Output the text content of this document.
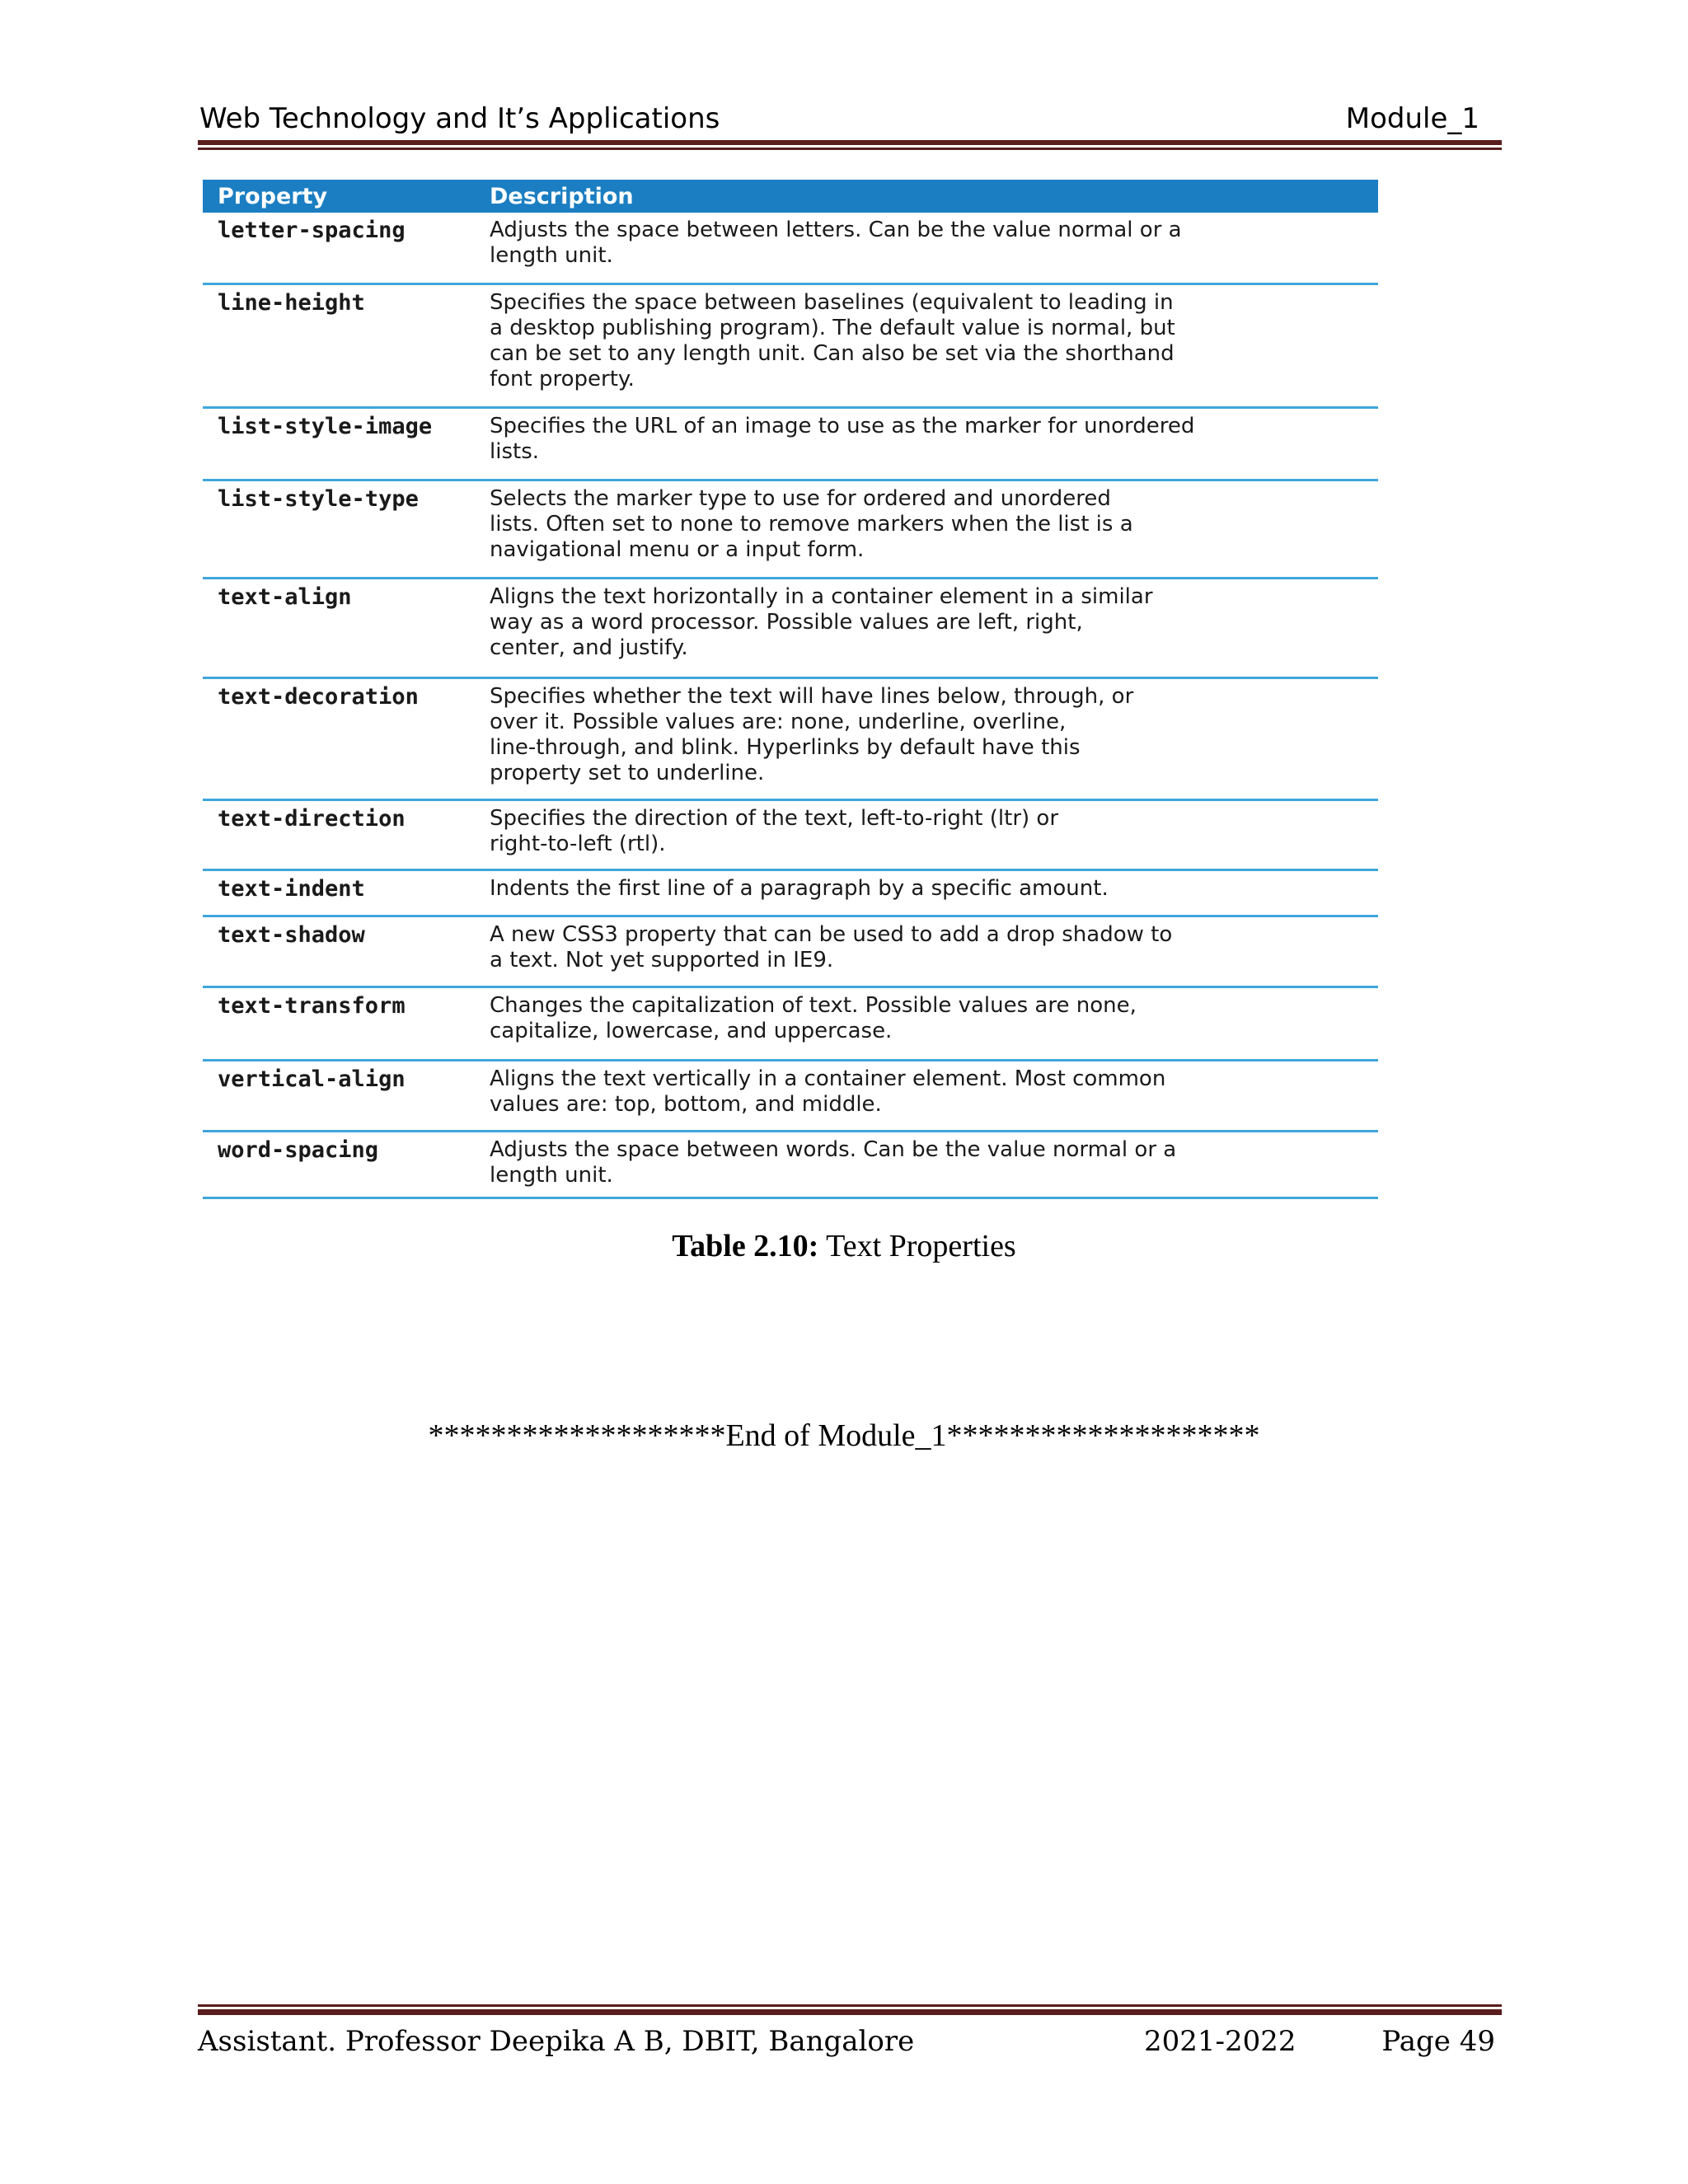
Web Technology and It’s Applications	Module_1
Property	Description
letter-spacing	Adjusts the space between letters. Can be the value normal or a
length unit.
line-height	Specifies the space between baselines (equivalent to leading in
a desktop publishing program). The default value is normal, but
can be set to any length unit. Can also be set via the shorthand
font property.
list-style-image	Specifies the URL of an image to use as the marker for unordered
lists.
list-style-type	Selects the marker type to use for ordered and unordered
lists. Often set to none to remove markers when the list is a
navigational menu or a input form.
text-align	Aligns the text horizontally in a container element in a similar
way as a word processor. Possible values are left, right,
center, and justify.
text-decoration	Specifies whether the text will have lines below, through, or
over it. Possible values are: none, underline, overline,
line-through, and blink. Hyperlinks by default have this
property set to underline.
text-direction	Specifies the direction of the text, left-to-right (ltr) or
right-to-left (rtl).
text-indent	Indents the first line of a paragraph by a specific amount.
text-shadow	A new CSS3 property that can be used to add a drop shadow to
a text. Not yet supported in IE9.
text-transform	Changes the capitalization of text. Possible values are none,
capitalize, lowercase, and uppercase.
vertical-align	Aligns the text vertically in a container element. Most common
values are: top, bottom, and middle.
word-spacing	Adjusts the space between words. Can be the value normal or a
length unit.
Table 2.10: Text Properties
*******************End of Module_1********************
Assistant. Professor Deepika A B, DBIT, Bangalore	2021-2022	Page 49
